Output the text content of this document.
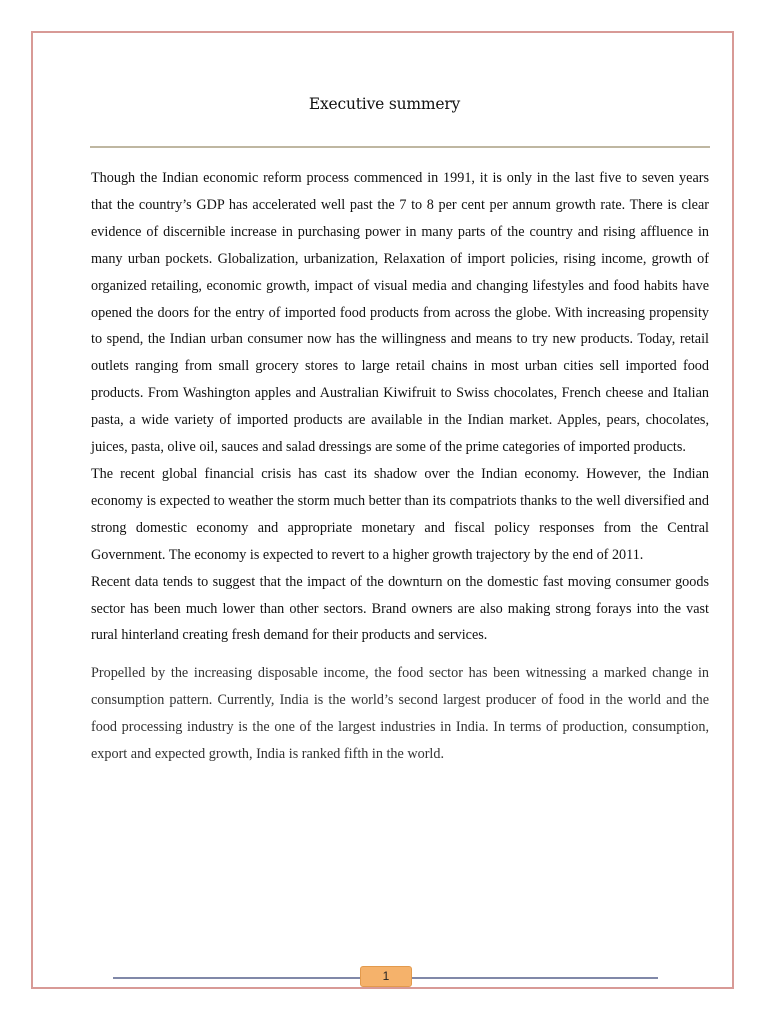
Executive summery

Though the Indian economic reform process commenced in 1991, it is only in the last five to seven years that the country’s GDP has accelerated well past the 7 to 8 per cent per annum growth rate. There is clear evidence of discernible increase in purchasing power in many parts of the country and rising affluence in many urban pockets. Globalization, urbanization, Relaxation of import policies, rising income, growth of organized retailing, economic growth, impact of visual media and changing lifestyles and food habits have opened the doors for the entry of imported food products from across the globe. With increasing propensity to spend, the Indian urban consumer now has the willingness and means to try new products. Today, retail outlets ranging from small grocery stores to large retail chains in most urban cities sell imported food products. From Washington apples and Australian Kiwifruit to Swiss chocolates, French cheese and Italian pasta, a wide variety of imported products are available in the Indian market. Apples, pears, chocolates, juices, pasta, olive oil, sauces and salad dressings are some of the prime categories of imported products.

The recent global financial crisis has cast its shadow over the Indian economy. However, the Indian economy is expected to weather the storm much better than its compatriots thanks to the well diversified and strong domestic economy and appropriate monetary and fiscal policy responses from the Central Government. The economy is expected to revert to a higher growth trajectory by the end of 2011.

Recent data tends to suggest that the impact of the downturn on the domestic fast moving consumer goods sector has been much lower than other sectors. Brand owners are also making strong forays into the vast rural hinterland creating fresh demand for their products and services.

Propelled by the increasing disposable income, the food sector has been witnessing a marked change in consumption pattern. Currently, India is the world’s second largest producer of food in the world and the food processing industry is the one of the largest industries in India. In terms of production, consumption, export and expected growth, India is ranked fifth in the world.

1
